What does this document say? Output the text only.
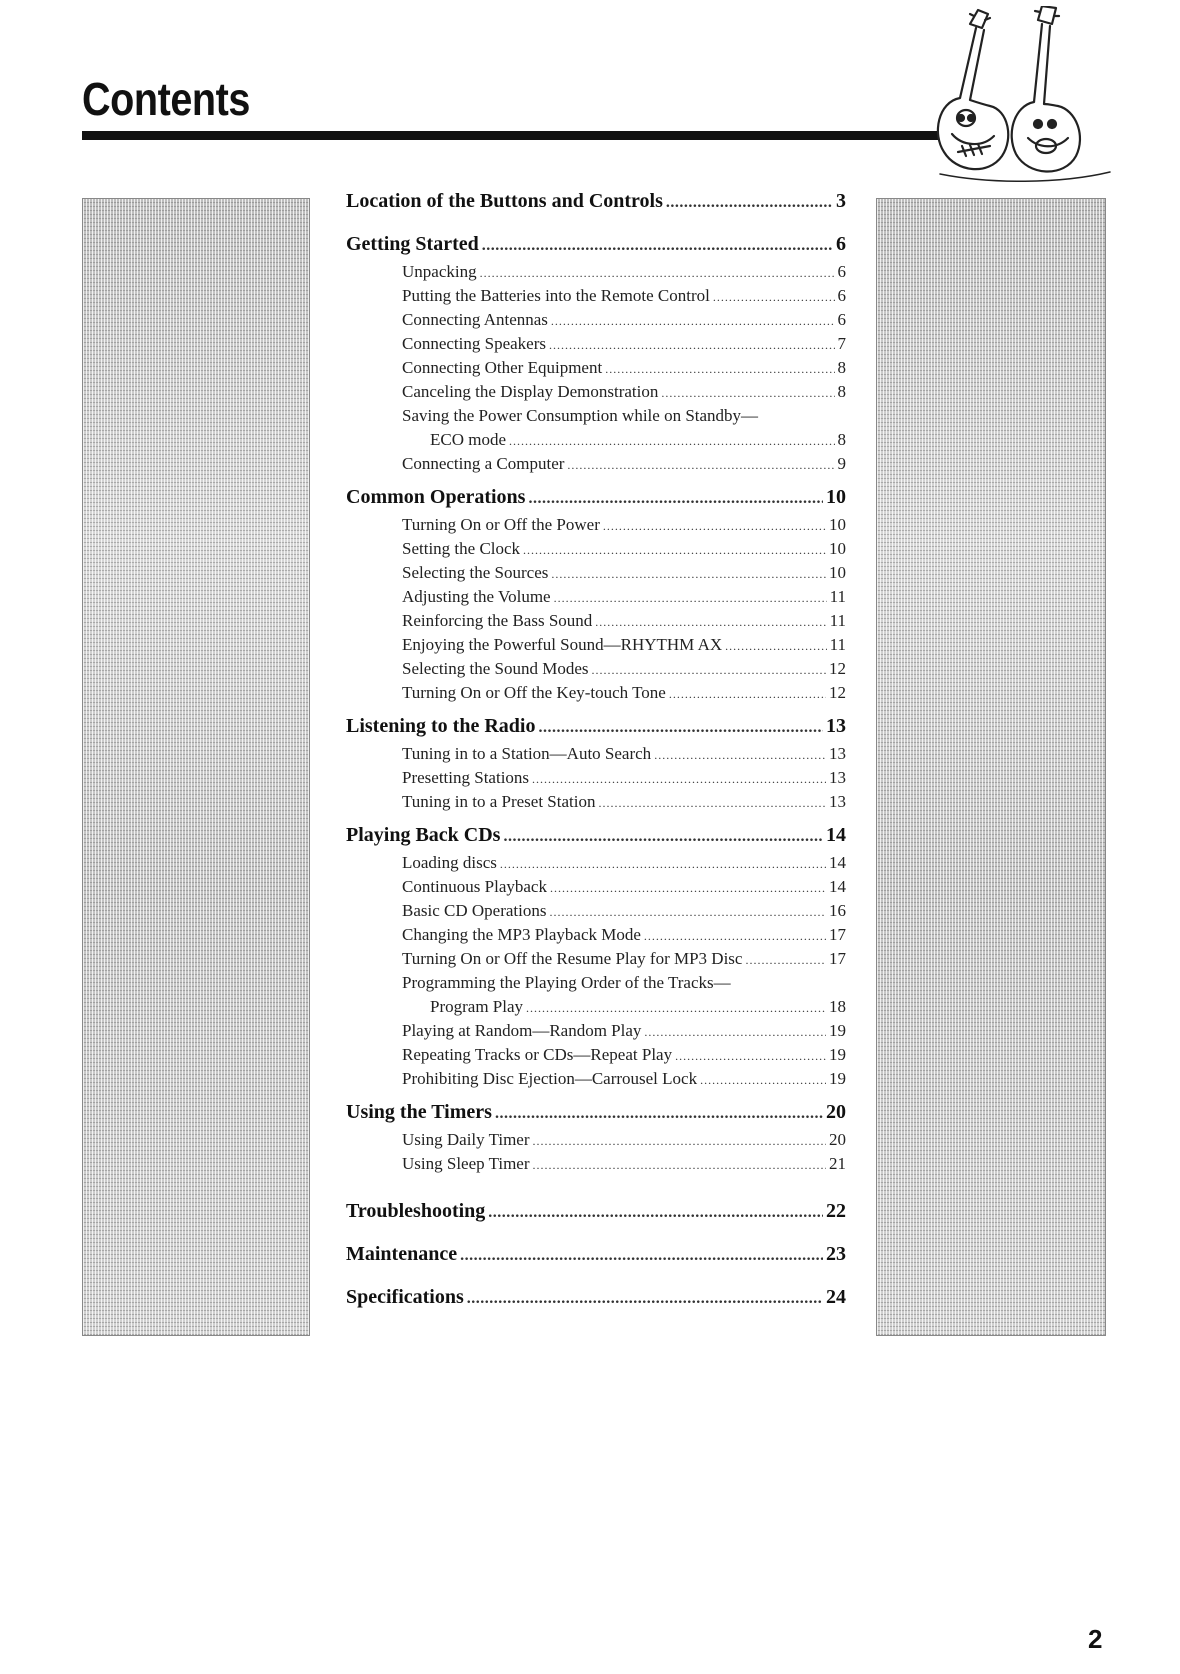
Contents
Location of the Buttons and Controls .....	3
Getting Started .....	6
Unpacking .....	6
Putting the Batteries into the Remote Control .....	6
Connecting Antennas .....	6
Connecting Speakers .....	7
Connecting Other Equipment .....	8
Canceling the Display Demonstration .....	8
Saving the Power Consumption while on Standby—
ECO mode .....	8
Connecting a Computer .....	9
Common Operations .....	10
Turning On or Off the Power .....	10
Setting the Clock .....	10
Selecting the Sources .....	10
Adjusting the Volume .....	11
Reinforcing the Bass Sound .....	11
Enjoying the Powerful Sound—RHYTHM AX .....	11
Selecting the Sound Modes .....	12
Turning On or Off the Key-touch Tone .....	12
Listening to the Radio .....	13
Tuning in to a Station—Auto Search .....	13
Presetting Stations .....	13
Tuning in to a Preset Station .....	13
Playing Back CDs .....	14
Loading discs .....	14
Continuous Playback .....	14
Basic CD Operations .....	16
Changing the MP3 Playback Mode .....	17
Turning On or Off the Resume Play for MP3 Disc .....	17
Programming the Playing Order of the Tracks—
Program Play .....	18
Playing at Random—Random Play .....	19
Repeating Tracks or CDs—Repeat Play .....	19
Prohibiting Disc Ejection—Carrousel Lock .....	19
Using the Timers .....	20
Using Daily Timer .....	20
Using Sleep Timer .....	21
Troubleshooting .....	22
Maintenance .....	23
Specifications .....	24

2
